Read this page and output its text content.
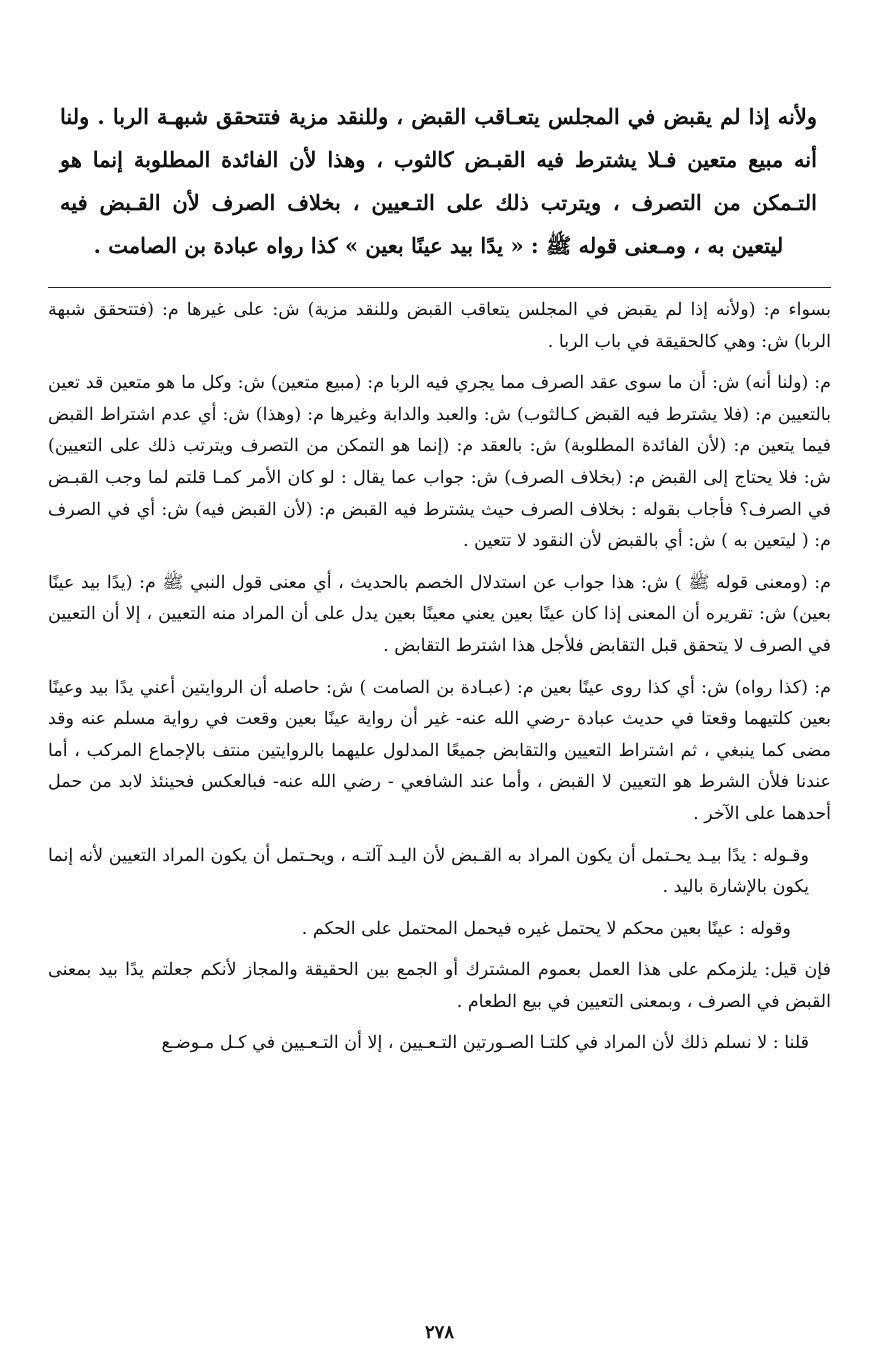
ولأنه إذا لم يقبض في المجلس يتعـاقب القبض ، وللنقد مزية فتتحقق شبهـة الربا . ولنا أنه مبيع متعين فـلا يشترط فيه القبـض كالثوب ، وهذا لأن الفائدة المطلوبة إنما هو التـمكن من التصرف ، ويترتب ذلك على التـعيين ، بخلاف الصرف لأن القـبض فيه ليتعين به ، ومـعنى قوله ﷺ : « يدًا بيد عينًا بعين » كذا رواه عبادة بن الصامت .

بسواء م: (ولأنه إذا لم يقبض في المجلس يتعاقب القبض وللنقد مزية) ش: على غيرها م: (فتتحقق شبهة الربا) ش: وهي كالحقيقة في باب الربا .

م: (ولنا أنه) ش: أن ما سوى عقد الصرف مما يجري فيه الربا م: (مبيع متعين) ش: وكل ما هو متعين قد تعين بالتعيين م: (فلا يشترط فيه القبض كـالثوب) ش: والعبد والدابة وغيرها م: (وهذا) ش: أي عدم اشتراط القبض فيما يتعين م: (لأن الفائدة المطلوبة) ش: بالعقد م: (إنما هو التمكن من التصرف ويترتب ذلك على التعيين) ش: فلا يحتاج إلى القبض م: (بخلاف الصرف) ش: جواب عما يقال : لو كان الأمر كمـا قلتم لما وجب القبـض في الصرف؟ فأجاب بقوله : بخلاف الصرف حيث يشترط فيه القبض م: (لأن القبض فيه) ش: أي في الصرف م: ( ليتعين به ) ش: أي بالقبض لأن النقود لا تتعين .

م: (ومعنى قوله ﷺ ) ش: هذا جواب عن استدلال الخصم بالحديث ، أي معنى قول النبي ﷺ م: (يدًا بيد عينًا بعين) ش: تقريره أن المعنى إذا كان عينًا بعين يعني معينًا بعين يدل على أن المراد منه التعيين ، إلا أن التعيين في الصرف لا يتحقق قبل التقابض فلأجل هذا اشترط التقابض .

م: (كذا رواه) ش: أي كذا روى عينًا بعين م: (عبـادة بن الصامت ) ش: حاصله أن الروايتين أعني يدًا بيد وعينًا بعين كلتيهما وقعتا في حديث عبادة -رضي الله عنه- غير أن رواية عينًا بعين وقعت في رواية مسلم عنه وقد مضى كما ينبغي ، ثم اشتراط التعيين والتقابض جميعًا المدلول عليهما بالروايتين منتف بالإجماع المركب ، أما عندنا فلأن الشرط هو التعيين لا القبض ، وأما عند الشافعي - رضي الله عنه- فبالعكس فحينئذ لابد من حمل أحدهما على الآخر .

وقـوله : يدًا بيـد يحـتمل أن يكون المراد به القـبض لأن اليـد آلتـه ، ويحـتمل أن يكون المراد التعيين لأنه إنما يكون بالإشارة باليد .

وقوله : عينًا بعين محكم لا يحتمل غيره فيحمل المحتمل على الحكم .

فإن قيل: يلزمكم على هذا العمل بعموم المشترك أو الجمع بين الحقيقة والمجاز لأنكم جعلتم يدًا بيد بمعنى القبض في الصرف ، وبمعنى التعيين في بيع الطعام .

قلنا : لا نسلم ذلك لأن المراد في كلتـا الصـورتين التـعـيين ، إلا أن التـعـيين في كـل مـوضـع

٢٧٨
